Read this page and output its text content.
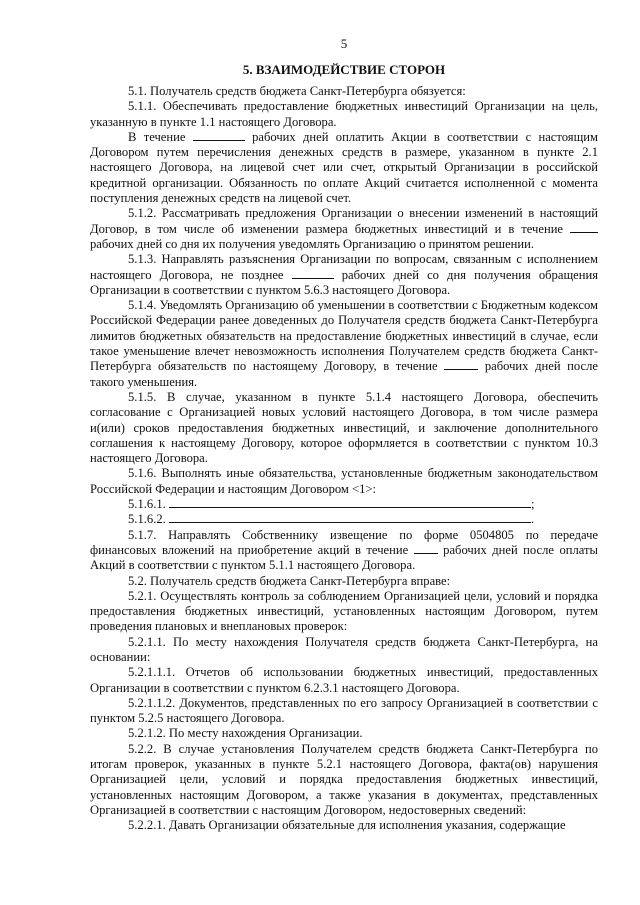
5
5. ВЗАИМОДЕЙСТВИЕ СТОРОН

5.1. Получатель средств бюджета Санкт-Петербурга обязуется:

5.1.1. Обеспечивать предоставление бюджетных инвестиций Организации на цель, указанную в пункте 1.1 настоящего Договора.

В течение	рабочих дней оплатить Акции в соответствии с настоящим Договором путем перечисления денежных средств в размере, указанном в пункте 2.1 настоящего Договора, на лицевой счет или счет, открытый Организации в российской кредитной организации. Обязанность по оплате Акций считается исполненной с момента поступления денежных средств на лицевой счет.

5.1.2. Рассматривать предложения Организации о внесении изменений в настоящий Договор, в том числе об изменении размера бюджетных инвестиций и в течение  рабочих дней со дня их получения уведомлять Организацию о принятом решении.

5.1.3. Направлять разъяснения Организации по вопросам, связанным с исполнением настоящего Договора, не позднее	рабочих дней со дня получения обращения Организации в соответствии с пунктом 5.6.3 настоящего Договора.

5.1.4. Уведомлять Организацию об уменьшении в соответствии с Бюджетным кодексом Российской Федерации ранее доведенных до Получателя средств бюджета Санкт-Петербурга лимитов бюджетных обязательств на предоставление бюджетных инвестиций в случае, если такое уменьшение влечет невозможность исполнения Получателем средств бюджета Санкт-Петербурга обязательств по настоящему Договору, в течение	рабочих дней после такого уменьшения.

5.1.5. В случае, указанном в пункте 5.1.4 настоящего Договора, обеспечить согласование с Организацией новых условий настоящего Договора, в том числе размера и(или) сроков предоставления бюджетных инвестиций, и заключение дополнительного соглашения к настоящему Договору, которое оформляется в соответствии с пунктом 10.3 настоящего Договора.

5.1.6. Выполнять иные обязательства, установленные бюджетным законодательством Российской Федерации и настоящим Договором <1>:

5.1.6.1.	;

5.1.6.2.	.

5.1.7. Направлять Собственнику извещение по форме 0504805 по передаче финансовых вложений на приобретение акций в течение	рабочих дней после оплаты Акций в соответствии с пунктом 5.1.1 настоящего Договора.

5.2. Получатель средств бюджета Санкт-Петербурга вправе:

5.2.1. Осуществлять контроль за соблюдением Организацией цели, условий и порядка предоставления бюджетных инвестиций, установленных настоящим Договором, путем проведения плановых и внеплановых проверок:

5.2.1.1. По месту нахождения Получателя средств бюджета Санкт-Петербурга, на основании:

5.2.1.1.1. Отчетов об использовании бюджетных инвестиций, предоставленных Организации в соответствии с пунктом 6.2.3.1 настоящего Договора.

5.2.1.1.2. Документов, представленных по его запросу Организацией в соответствии с пунктом 5.2.5 настоящего Договора.

5.2.1.2. По месту нахождения Организации.

5.2.2. В случае установления Получателем средств бюджета Санкт-Петербурга по итогам проверок, указанных в пункте 5.2.1 настоящего Договора, факта(ов) нарушения Организацией цели, условий и порядка предоставления бюджетных инвестиций, установленных настоящим Договором, а также указания в документах, представленных Организацией в соответствии с настоящим Договором, недостоверных сведений:

5.2.2.1. Давать Организации обязательные для исполнения указания, содержащие
